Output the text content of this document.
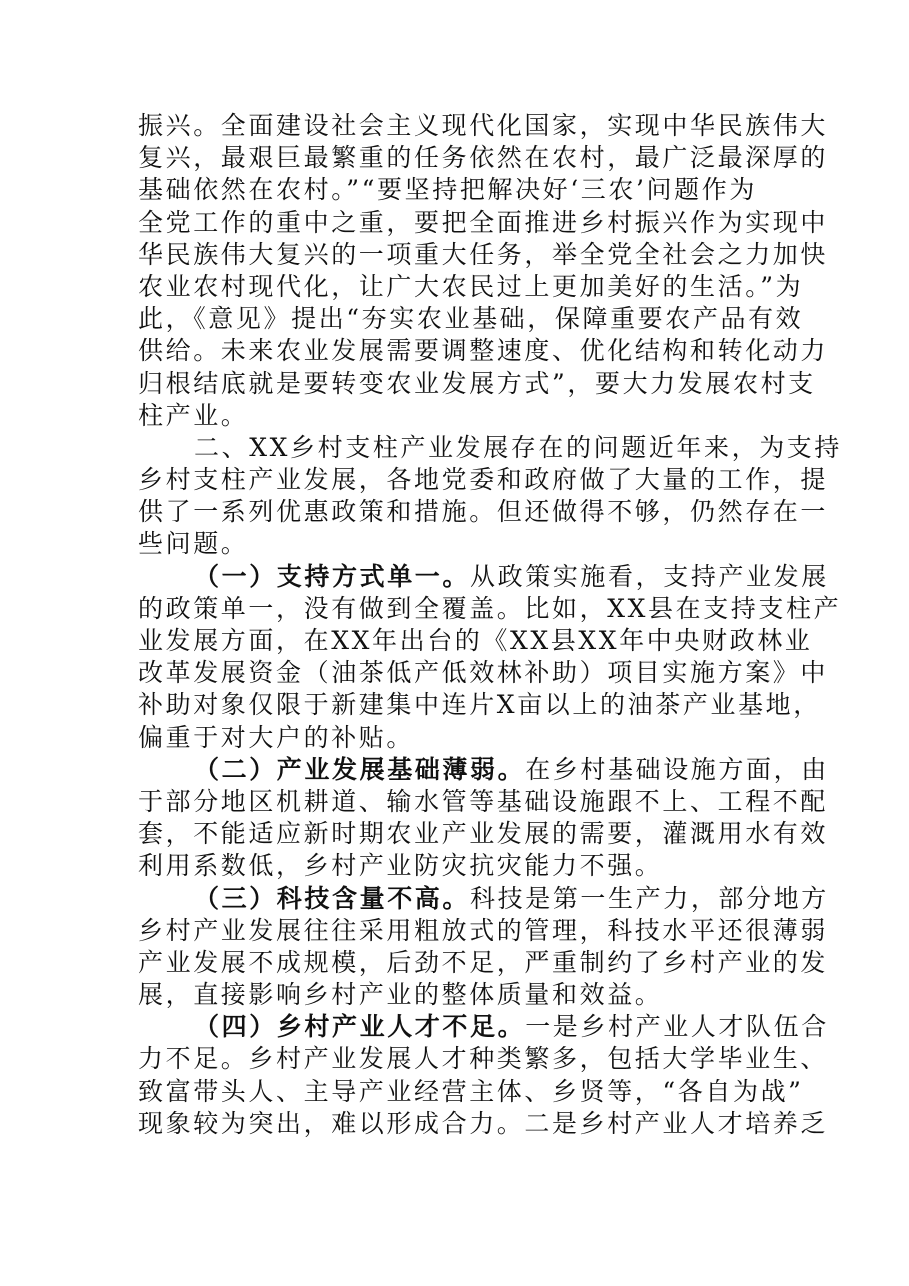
振兴。全面建设社会主义现代化国家，实现中华民族伟大
复兴，最艰巨最繁重的任务依然在农村，最广泛最深厚的
基础依然在农村。”“要坚持把解决好‘三农’问题作为
全党工作的重中之重，要把全面推进乡村振兴作为实现中
华民族伟大复兴的一项重大任务，举全党全社会之力加快
农业农村现代化，让广大农民过上更加美好的生活。”为
此，《意见》提出“夯实农业基础，保障重要农产品有效
供给。未来农业发展需要调整速度、优化结构和转化动力
归根结底就是要转变农业发展方式”，要大力发展农村支
柱产业。
二、XX乡村支柱产业发展存在的问题近年来，为支持
乡村支柱产业发展，各地党委和政府做了大量的工作，提
供了一系列优惠政策和措施。但还做得不够，仍然存在一
些问题。
（一）支持方式单一。从政策实施看，支持产业发展
的政策单一，没有做到全覆盖。比如，XX县在支持支柱产
业发展方面，在XX年出台的《XX县XX年中央财政林业
改革发展资金（油茶低产低效林补助）项目实施方案》中
补助对象仅限于新建集中连片X亩以上的油茶产业基地，
偏重于对大户的补贴。
（二）产业发展基础薄弱。在乡村基础设施方面，由
于部分地区机耕道、输水管等基础设施跟不上、工程不配
套，不能适应新时期农业产业发展的需要，灌溉用水有效
利用系数低，乡村产业防灾抗灾能力不强。
（三）科技含量不高。科技是第一生产力，部分地方
乡村产业发展往往采用粗放式的管理，科技水平还很薄弱
产业发展不成规模，后劲不足，严重制约了乡村产业的发
展，直接影响乡村产业的整体质量和效益。
（四）乡村产业人才不足。一是乡村产业人才队伍合
力不足。乡村产业发展人才种类繁多，包括大学毕业生、
致富带头人、主导产业经营主体、乡贤等，“各自为战”
现象较为突出，难以形成合力。二是乡村产业人才培养乏
